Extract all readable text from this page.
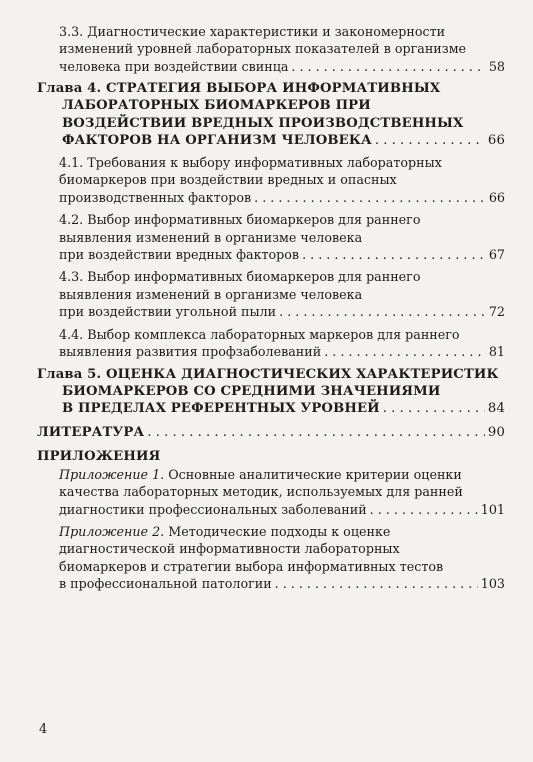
3.3. Диагностические характеристики и закономерности
изменений уровней лабораторных показателей в организме
человека при воздействии свинца . . .	58
Глава 4. СТРАТЕГИЯ ВЫБОРА ИНФОРМАТИВНЫХ
ЛАБОРАТОРНЫХ БИОМАРКЕРОВ ПРИ
ВОЗДЕЙСТВИИ ВРЕДНЫХ ПРОИЗВОДСТВЕННЫХ
ФАКТОРОВ НА ОРГАНИЗМ ЧЕЛОВЕКА . . .	66
4.1. Требования к выбору информативных лабораторных
биомаркеров при воздействии вредных и опасных
производственных факторов . . .	66
4.2. Выбор информативных биомаркеров для раннего
выявления изменений в организме человека
при воздействии вредных факторов . . .	67
4.3. Выбор информативных биомаркеров для раннего
выявления изменений в организме человека
при воздействии угольной пыли . . .	72
4.4. Выбор комплекса лабораторных маркеров для раннего
выявления развития профзаболеваний . . .	81
Глава 5. ОЦЕНКА ДИАГНОСТИЧЕСКИХ ХАРАКТЕРИСТИК
БИОМАРКЕРОВ СО СРЕДНИМИ ЗНАЧЕНИЯМИ
В ПРЕДЕЛАХ РЕФЕРЕНТНЫХ УРОВНЕЙ . . .	84
ЛИТЕРАТУРА . . .	90
ПРИЛОЖЕНИЯ
Приложение 1 . Основные аналитические критерии оценки
качества лабораторных методик, используемых для ранней
диагностики профессиональных заболеваний . . .	101
Приложение 2 . Методические подходы к оценке
диагностической информативности лабораторных
биомаркеров и стратегии выбора информативных тестов
в профессиональной патологии . . .	103
4
